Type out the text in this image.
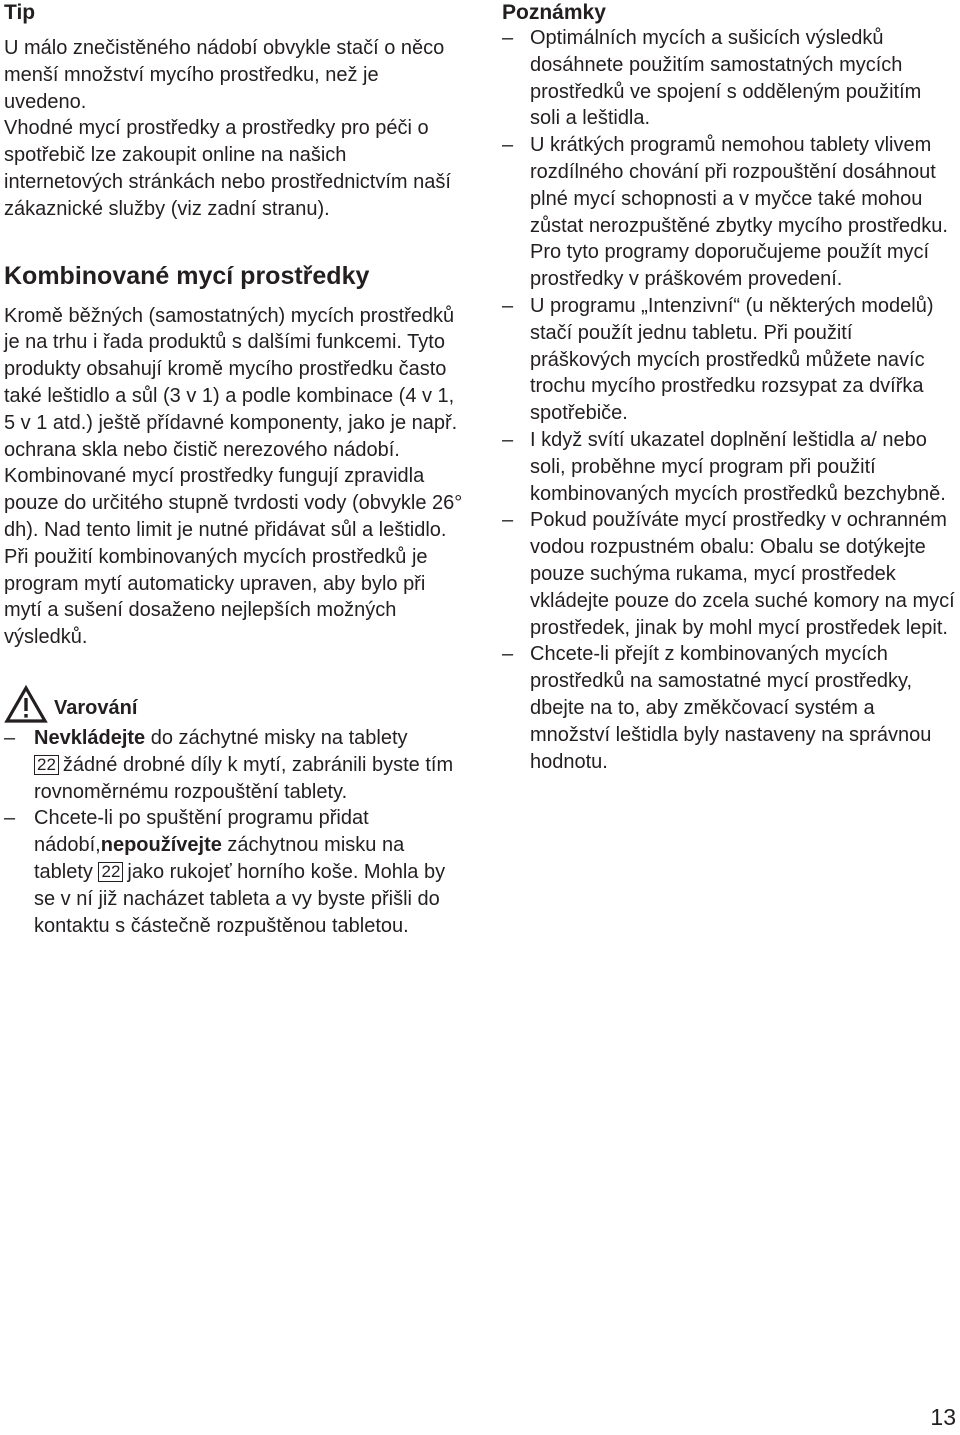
Tip

U málo znečistěného nádobí obvykle stačí o něco menší množství mycího prostředku, než je uvedeno.

Vhodné mycí prostředky a prostředky pro péči o spotřebič lze zakoupit online na našich internetových stránkách nebo prostřednictvím naší zákaznické služby (viz zadní stranu).

Kombinované mycí prostředky

Kromě běžných (samostatných) mycích prostředků je na trhu i řada produktů s dalšími funkcemi. Tyto produkty obsahují kromě mycího prostředku často také leštidlo a sůl (3 v 1) a podle kombinace (4 v 1, 5 v 1 atd.) ještě přídavné komponenty, jako je např. ochrana skla nebo čistič nerezového nádobí.

Kombinované mycí prostředky fungují zpravidla pouze do určitého stupně tvrdosti vody (obvykle 26° dh). Nad tento limit je nutné přidávat sůl a leštidlo.

Při použití kombinovaných mycích prostředků je program mytí automaticky upraven, aby bylo při mytí a sušení dosaženo nejlepších možných výsledků.

Varování
– Nevkládejte do záchytné misky na tablety
22 žádné drobné díly k mytí, zabránili byste tím rovnoměrnému rozpouštění tablety.
– Chcete-li po spuštění programu přidat nádobí,nepoužívejte záchytnou misku na tablety 22 jako rukojeť horního koše. Mohla by se v ní již nacházet tableta a vy byste přišli do kontaktu s částečně rozpuštěnou tabletou.
Poznámky
– Optimálních mycích a sušicích výsledků dosáhnete použitím samostatných mycích prostředků ve spojení s odděleným použitím soli a leštidla.
– U krátkých programů nemohou tablety vlivem rozdílného chování při rozpouštění dosáhnout plné mycí schopnosti a v myčce také mohou zůstat nerozpuštěné zbytky mycího prostředku. Pro tyto programy doporučujeme použít mycí prostředky v práškovém provedení.
– U programu „Intenzivní“ (u některých modelů) stačí použít jednu tabletu. Při použití práškových mycích prostředků můžete navíc trochu mycího prostředku rozsypat za dvířka spotřebiče.
– I když svítí ukazatel doplnění leštidla a/ nebo soli, proběhne mycí program při použití kombinovaných mycích prostředků bezchybně.
– Pokud používáte mycí prostředky v ochranném vodou rozpustném obalu: Obalu se dotýkejte pouze suchýma rukama, mycí prostředek vkládejte pouze do zcela suché komory na mycí prostředek, jinak by mohl mycí prostředek lepit.
– Chcete-li přejít z kombinovaných mycích prostředků na samostatné mycí prostředky, dbejte na to, aby změkčovací systém a množství leštidla byly nastaveny na správnou hodnotu.
13
